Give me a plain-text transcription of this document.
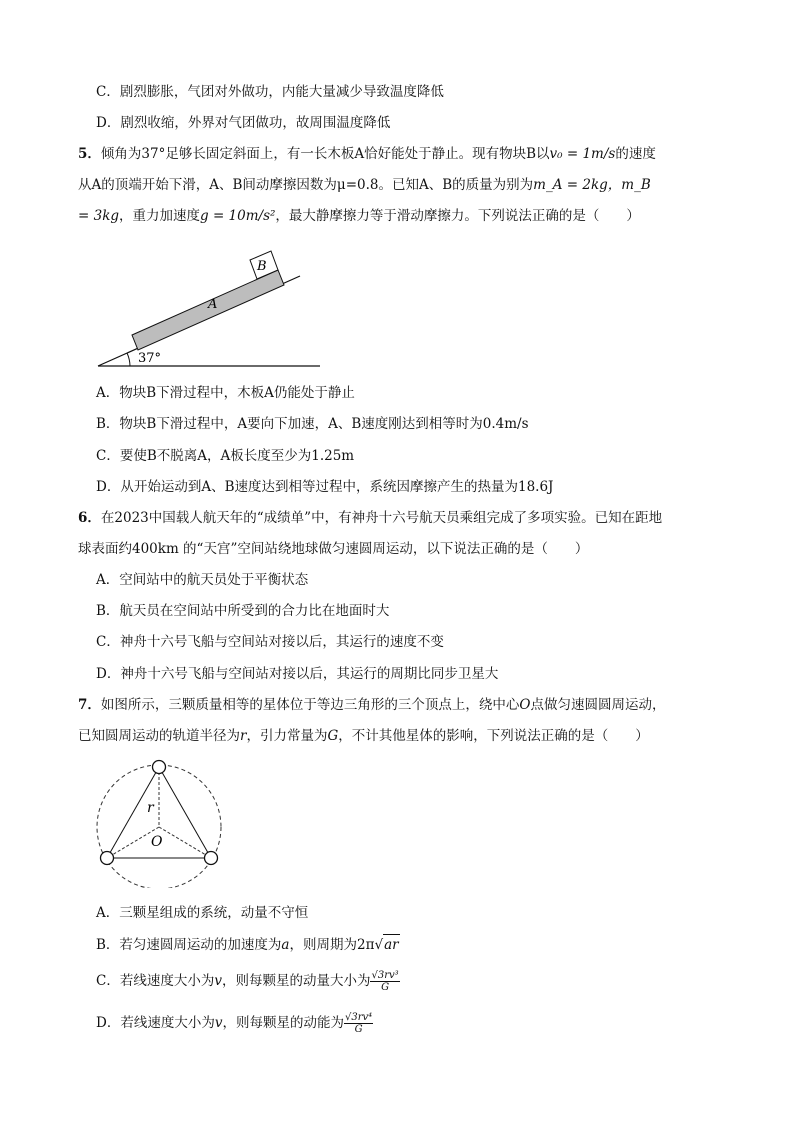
C．剧烈膨胀，气团对外做功，内能大量减少导致温度降低
D．剧烈收缩，外界对气团做功，故周围温度降低
5．倾角为37°足够长固定斜面上，有一长木板A恰好能处于静止。现有物块B以v₀ = 1m/s的速度
从A的顶端开始下滑，A、B间动摩擦因数为μ=0.8。已知A、B的质量为别为m_A = 2kg，m_B
= 3kg，重力加速度g = 10m/s²，最大静摩擦力等于滑动摩擦力。下列说法正确的是（　　）
B
A
37°
A．物块B下滑过程中，木板A仍能处于静止
B．物块B下滑过程中，A要向下加速，A、B速度刚达到相等时为0.4m/s
C．要使B不脱离A，A板长度至少为1.25m
D．从开始运动到A、B速度达到相等过程中，系统因摩擦产生的热量为18.6J
6．在2023中国载人航天年的“成绩单”中，有神舟十六号航天员乘组完成了多项实验。已知在距地
球表面约400km 的“天宫”空间站绕地球做匀速圆周运动，以下说法正确的是（　　）
A．空间站中的航天员处于平衡状态
B．航天员在空间站中所受到的合力比在地面时大
C．神舟十六号飞船与空间站对接以后，其运行的速度不变
D．神舟十六号飞船与空间站对接以后，其运行的周期比同步卫星大
7．如图所示，三颗质量相等的星体位于等边三角形的三个顶点上，绕中心O点做匀速圆圆周运动，
已知圆周运动的轨道半径为r，引力常量为G，不计其他星体的影响，下列说法正确的是（　　）
r
O
A．三颗星组成的系统，动量不守恒
B．若匀速圆周运动的加速度为a，则周期为2π√ar
C．若线速度大小为v，则每颗星的动量大小为 $\frac{\text{√3rv³}}{G}$
D．若线速度大小为v，则每颗星的动能为 $\frac{\text{√3rv⁴}}{G}$
